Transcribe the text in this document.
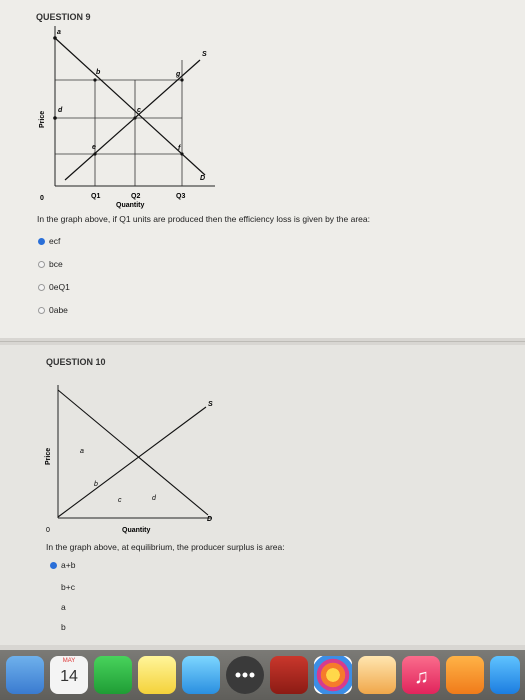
QUESTION 9
a
b
c
d
e	f
g
S
D
Price
0	Q1	Q2	Q3
Quantity
In the graph above, if Q1 units are produced then the efficiency loss is given by the area:
ecf
bce
0eQ1
0abe
QUESTION 10
a
b
c	d
S
D
Price
0	Quantity
In the graph above, at equilibrium, the producer surplus is area:
a+b
b+c
a
b
MAY
14	♫
